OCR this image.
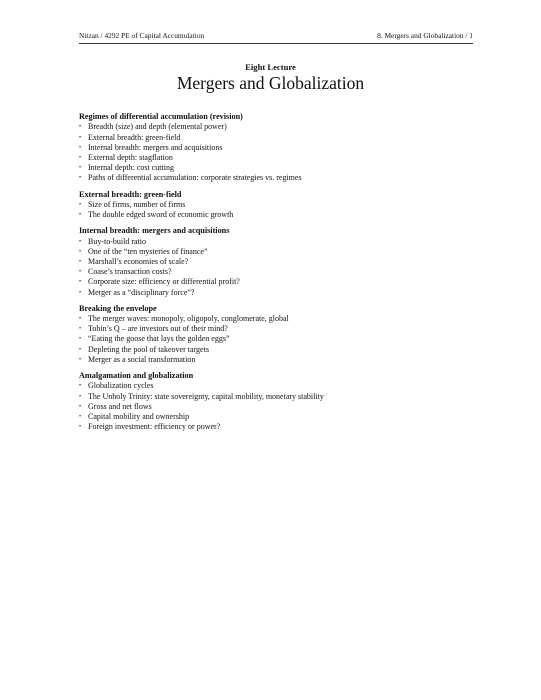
Nitzan / 4292 PE of Capital Accumulation	8. Mergers and Globalization / 1
Eight Lecture
Mergers and Globalization

Regimes of differential accumulation (revision)

• Breadth (size) and depth (elemental power)
• External breadth: green-field
• Internal breadth: mergers and acquisitions
• External depth: stagflation
• Internal depth: cost cutting
• Paths of differential accumulation: corporate strategies vs. regimes

External breadth: green-field

• Size of firms, number of firms
• The double edged sword of economic growth

Internal breadth: mergers and acquisitions

• Buy-to-build ratio
• One of the “ten mysteries of finance”
• Marshall’s economies of scale?
• Coase’s transaction costs?
• Corporate size: efficiency or differential profit?
• Merger as a “disciplinary force”?

Breaking the envelope

• The merger waves: monopoly, oligopoly, conglomerate, global
• Tobin’s Q – are investors out of their mind?
• “Eating the goose that lays the golden eggs”
• Depleting the pool of takeover targets
• Merger as a social transformation

Amalgamation and globalization

• Globalization cycles
• The Unholy Trinity: state sovereignty, capital mobility, monetary stability
• Gross and net flows
• Capital mobility and ownership
• Foreign investment: efficiency or power?
